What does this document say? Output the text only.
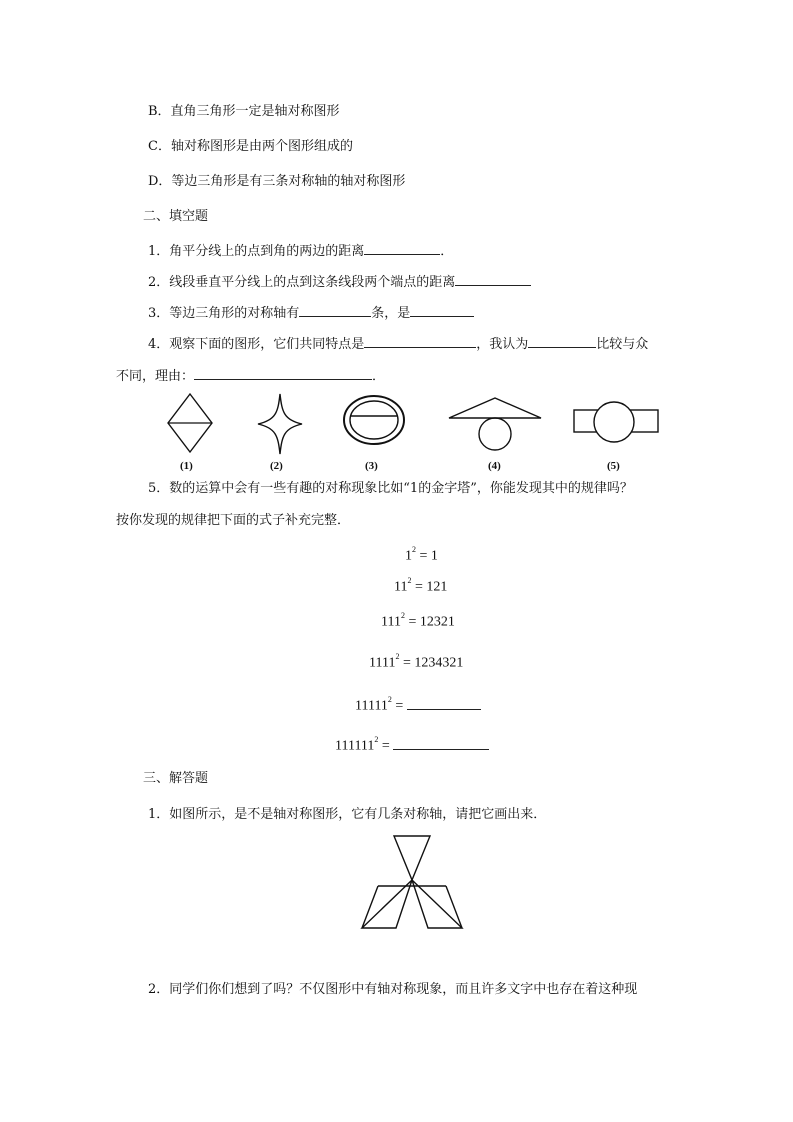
B．直角三角形一定是轴对称图形
C．轴对称图形是由两个图形组成的
D．等边三角形是有三条对称轴的轴对称图形
二、填空题
1．角平分线上的点到角的两边的距离	．
2．线段垂直平分线上的点到这条线段两个端点的距离
3．等边三角形的对称轴有	条，是
4．观察下面的图形，它们共同特点是	，我认为	比较与众
不同，理由：	．
(1)	(2)	(3)	(4)	(5)
5．数的运算中会有一些有趣的对称现象比如“1的金字塔”，你能发现其中的规律吗？
按你发现的规律把下面的式子补充完整．
$1^2 = 1$
$11^2 = 121$
$111^2 = 12321$
$1111^2 = 1234321$
$11111^2$ =
$111111^2$ =
三、解答题
1．如图所示，是不是轴对称图形，它有几条对称轴，请把它画出来．
2．同学们你们想到了吗？不仅图形中有轴对称现象，而且许多文字中也存在着这种现
